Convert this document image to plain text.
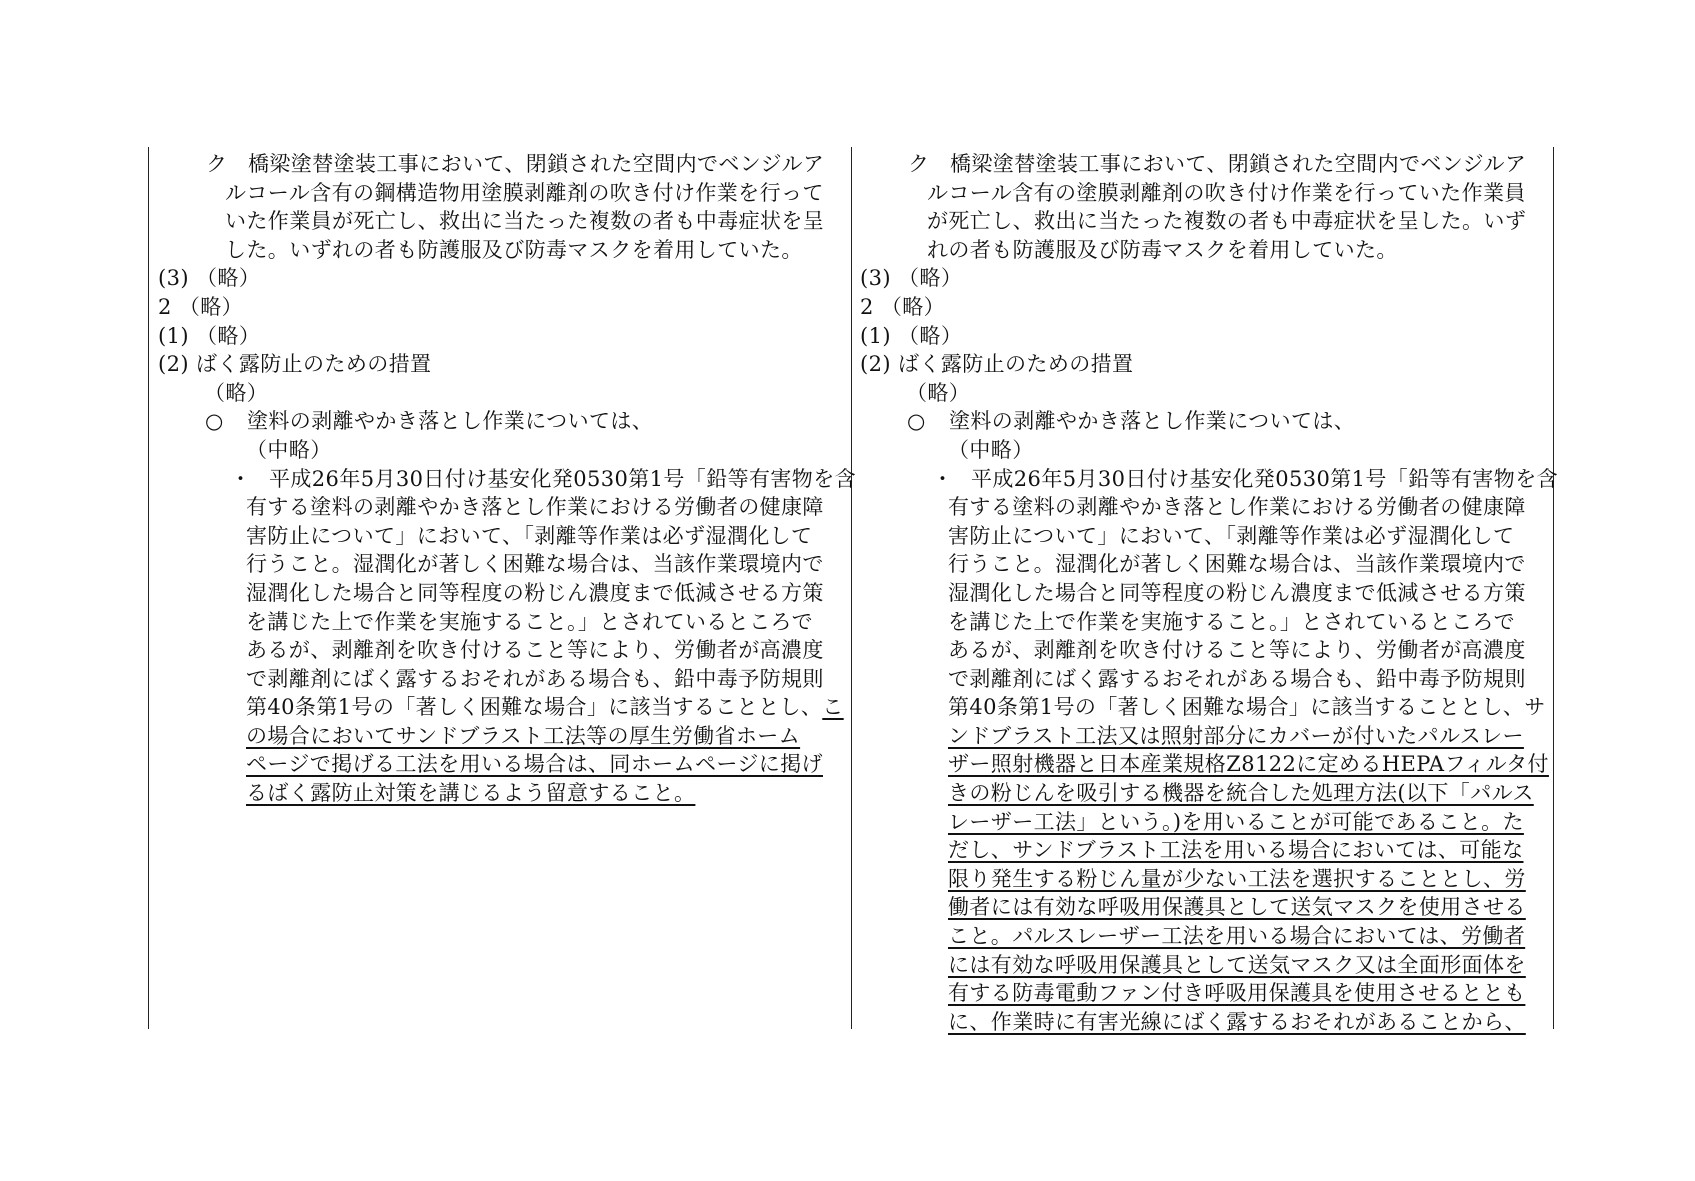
ク 橋梁塗替塗装工事において、閉鎖された空間内でベンジルア
ルコール含有の鋼構造物用塗膜剥離剤の吹き付け作業を行って
いた作業員が死亡し、救出に当たった複数の者も中毒症状を呈
した。いずれの者も防護服及び防毒マスクを着用していた。
(3) （略）
2 （略）
(1) （略）
(2) ばく露防止のための措置
（略）
○ 塗料の剥離やかき落とし作業については、
（中略）
・ 平成26年5月30日付け基安化発0530第1号「鉛等有害物を含
有する塗料の剥離やかき落とし作業における労働者の健康障
害防止について」において、「剥離等作業は必ず湿潤化して
行うこと。湿潤化が著しく困難な場合は、当該作業環境内で
湿潤化した場合と同等程度の粉じん濃度まで低減させる方策
を講じた上で作業を実施すること。」とされているところで
あるが、剥離剤を吹き付けること等により、労働者が高濃度
で剥離剤にばく露するおそれがある場合も、鉛中毒予防規則
第40条第1号の「著しく困難な場合」に該当することとし、こ
の場合においてサンドブラスト工法等の厚生労働省ホーム
ページで掲げる工法を用いる場合は、同ホームページに掲げ
るばく露防止対策を講じるよう留意すること。
ク 橋梁塗替塗装工事において、閉鎖された空間内でベンジルア
ルコール含有の塗膜剥離剤の吹き付け作業を行っていた作業員
が死亡し、救出に当たった複数の者も中毒症状を呈した。いず
れの者も防護服及び防毒マスクを着用していた。
(3) （略）
2 （略）
(1) （略）
(2) ばく露防止のための措置
（略）
○ 塗料の剥離やかき落とし作業については、
（中略）
・ 平成26年5月30日付け基安化発0530第1号「鉛等有害物を含
有する塗料の剥離やかき落とし作業における労働者の健康障
害防止について」において、「剥離等作業は必ず湿潤化して
行うこと。湿潤化が著しく困難な場合は、当該作業環境内で
湿潤化した場合と同等程度の粉じん濃度まで低減させる方策
を講じた上で作業を実施すること。」とされているところで
あるが、剥離剤を吹き付けること等により、労働者が高濃度
で剥離剤にばく露するおそれがある場合も、鉛中毒予防規則
第40条第1号の「著しく困難な場合」に該当することとし、サ
ンドブラスト工法又は照射部分にカバーが付いたパルスレー
ザー照射機器と日本産業規格Z8122に定めるHEPAフィルタ付
きの粉じんを吸引する機器を統合した処理方法(以下「パルス
レーザー工法」という。)を用いることが可能であること。た
だし、サンドブラスト工法を用いる場合においては、可能な
限り発生する粉じん量が少ない工法を選択することとし、労
働者には有効な呼吸用保護具として送気マスクを使用させる
こと。パルスレーザー工法を用いる場合においては、労働者
には有効な呼吸用保護具として送気マスク又は全面形面体を
有する防毒電動ファン付き呼吸用保護具を使用させるととも
に、作業時に有害光線にばく露するおそれがあることから、
